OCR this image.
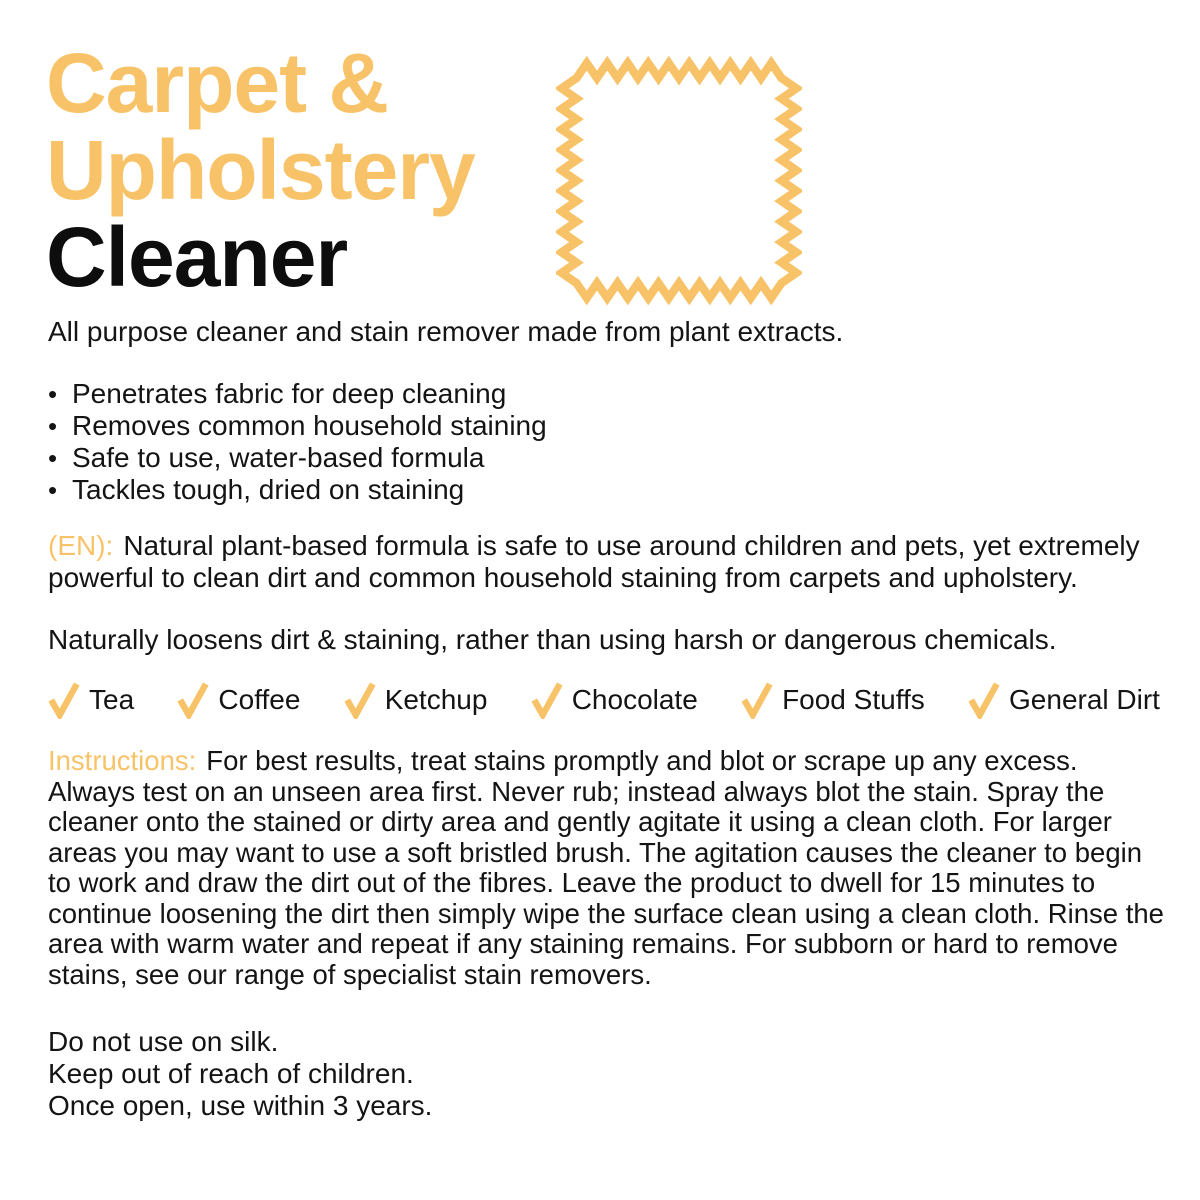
Carpet &
Upholstery
Cleaner

All purpose cleaner and stain remover made from plant extracts.

• Penetrates fabric for deep cleaning
• Removes common household staining
• Safe to use, water-based formula
• Tackles tough, dried on staining

(EN): Natural plant-based formula is safe to use around children and pets, yet extremely powerful to clean dirt and common household staining from carpets and upholstery.

Naturally loosens dirt & staining, rather than using harsh or dangerous chemicals.

Tea	Coffee	Ketchup	Chocolate	Food Stuffs	General Dirt

Instructions: For best results, treat stains promptly and blot or scrape up any excess. Always test on an unseen area first. Never rub; instead always blot the stain. Spray the cleaner onto the stained or dirty area and gently agitate it using a clean cloth. For larger areas you may want to use a soft bristled brush. The agitation causes the cleaner to begin to work and draw the dirt out of the fibres. Leave the product to dwell for 15 minutes to continue loosening the dirt then simply wipe the surface clean using a clean cloth. Rinse the area with warm water and repeat if any staining remains. For subborn or hard to remove stains, see our range of specialist stain removers.

Do not use on silk.

Keep out of reach of children.

Once open, use within 3 years.
